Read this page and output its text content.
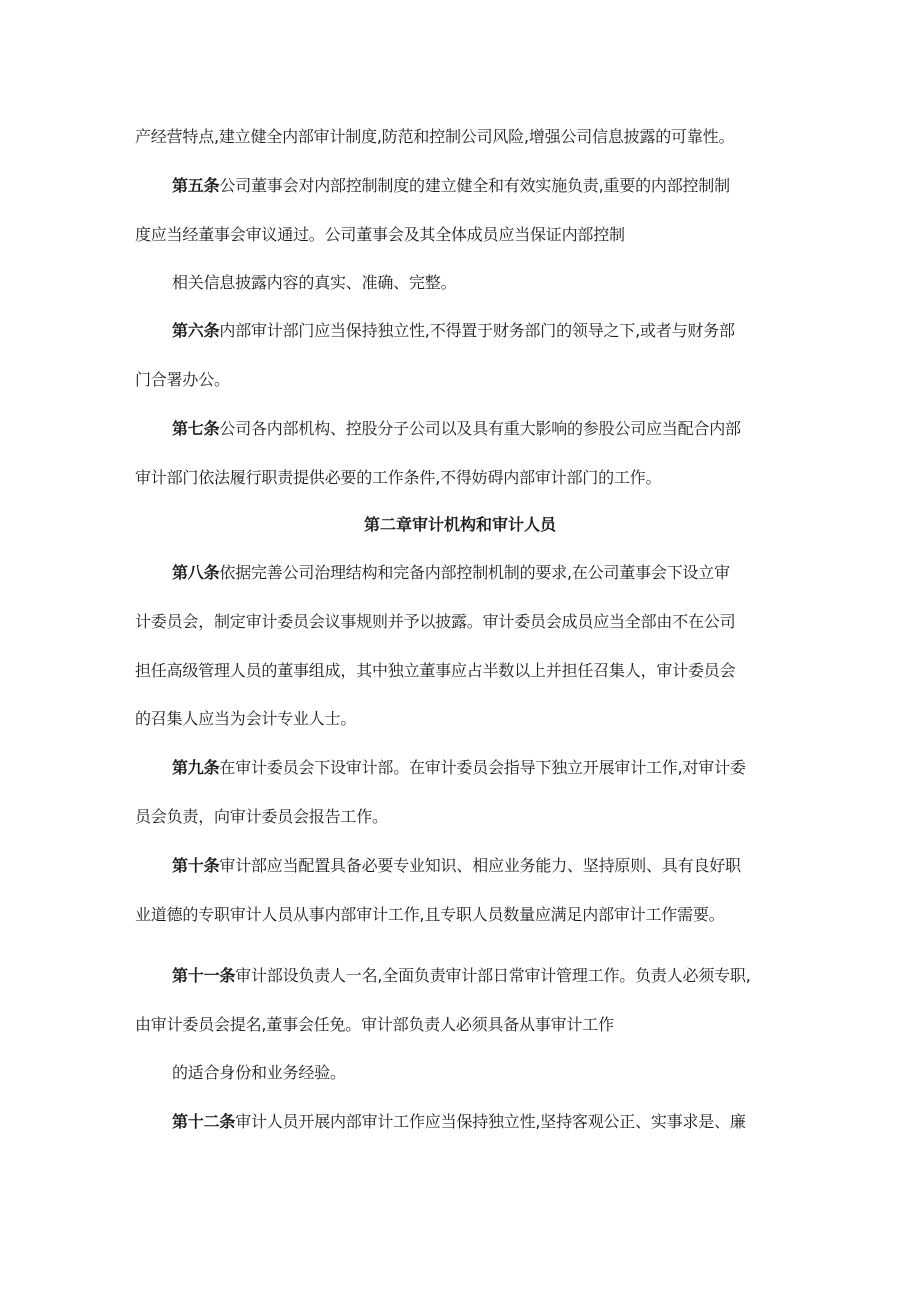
产经营特点,建立健全内部审计制度,防范和控制公司风险,增强公司信息披露的可靠性。
第五条公司董事会对内部控制制度的建立健全和有效实施负责,重要的内部控制制
度应当经董事会审议通过。公司董事会及其全体成员应当保证内部控制
相关信息披露内容的真实、准确、完整。
第六条内部审计部门应当保持独立性,不得置于财务部门的领导之下,或者与财务部
门合署办公。
第七条公司各内部机构、控股分子公司以及具有重大影响的参股公司应当配合内部
审计部门依法履行职责提供必要的工作条件,不得妨碍内部审计部门的工作。
第二章审计机构和审计人员
第八条依据完善公司治理结构和完备内部控制机制的要求,在公司董事会下设立审
计委员会，制定审计委员会议事规则并予以披露。审计委员会成员应当全部由不在公司
担任高级管理人员的董事组成，其中独立董事应占半数以上并担任召集人，审计委员会
的召集人应当为会计专业人士。
第九条在审计委员会下设审计部。在审计委员会指导下独立开展审计工作,对审计委
员会负责，向审计委员会报告工作。
第十条审计部应当配置具备必要专业知识、相应业务能力、坚持原则、具有良好职
业道德的专职审计人员从事内部审计工作,且专职人员数量应满足内部审计工作需要。
第十一条审计部设负责人一名,全面负责审计部日常审计管理工作。负责人必须专职,
由审计委员会提名,董事会任免。审计部负责人必须具备从事审计工作
的适合身份和业务经验。
第十二条审计人员开展内部审计工作应当保持独立性,坚持客观公正、实事求是、廉
